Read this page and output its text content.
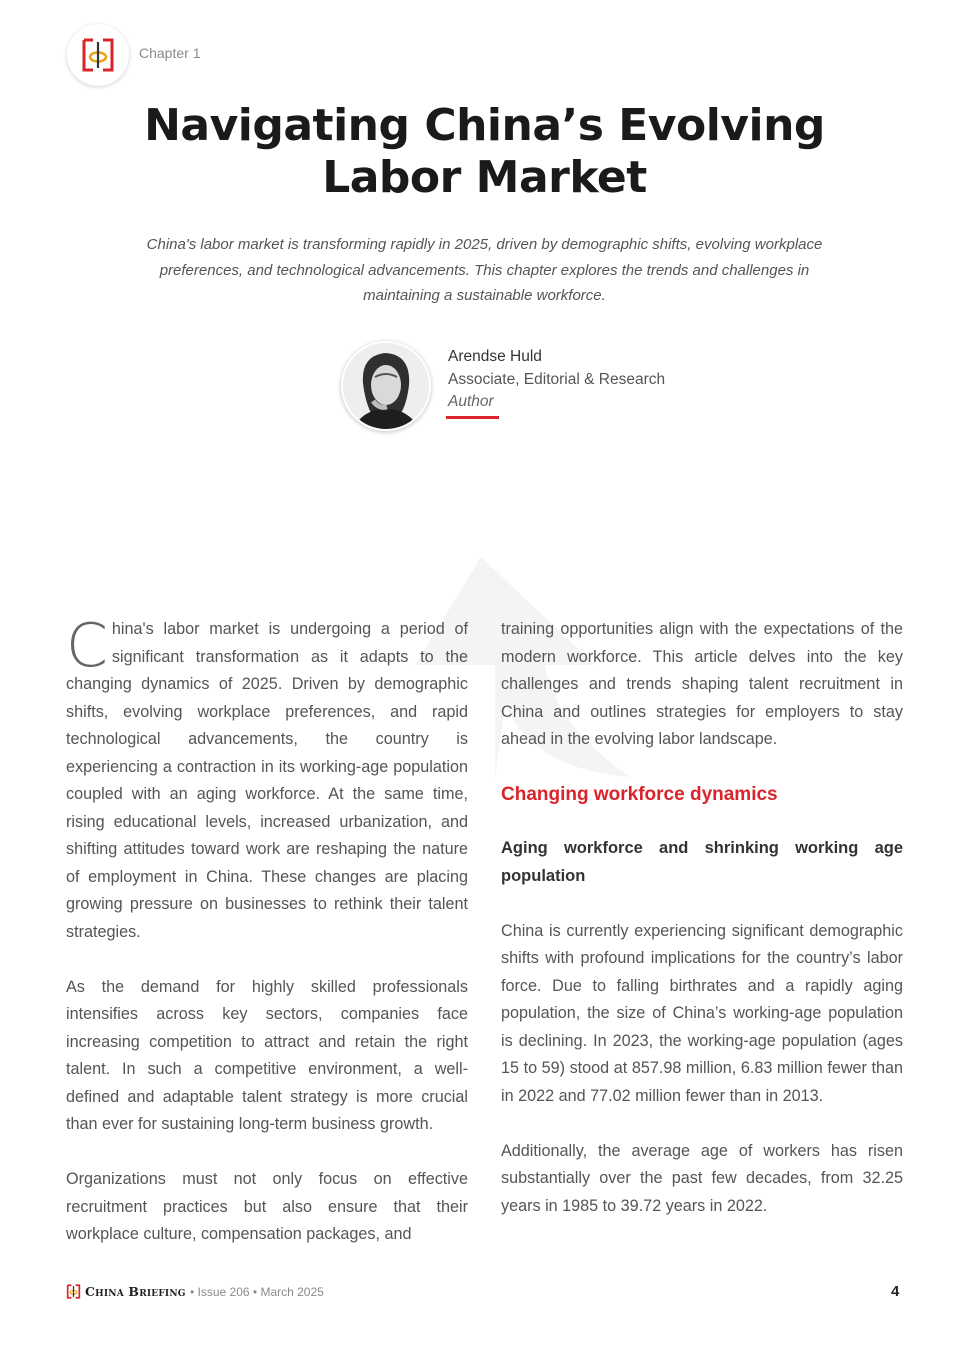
Chapter 1
Navigating China’s Evolving
Labor Market
China's labor market is transforming rapidly in 2025, driven by demographic shifts, evolving workplace preferences, and technological advancements. This chapter explores the trends and challenges in maintaining a sustainable workforce.
Arendse Huld
Associate, Editorial & Research
Author

China's labor market is undergoing a period of significant transformation as it adapts to the changing dynamics of 2025. Driven by demographic shifts, evolving workplace preferences, and rapid technological advancements, the country is experiencing a contraction in its working-age population coupled with an aging workforce. At the same time, rising educational levels, increased urbanization, and shifting attitudes toward work are reshaping the nature of employment in China. These changes are placing growing pressure on businesses to rethink their talent strategies.

As the demand for highly skilled professionals intensifies across key sectors, companies face increasing competition to attract and retain the right talent. In such a competitive environment, a well-defined and adaptable talent strategy is more crucial than ever for sustaining long-term business growth.

Organizations must not only focus on effective recruitment practices but also ensure that their workplace culture, compensation packages, and

training opportunities align with the expectations of the modern workforce. This article delves into the key challenges and trends shaping talent recruitment in China and outlines strategies for employers to stay ahead in the evolving labor landscape.

Changing workforce dynamics
Aging workforce and shrinking working age population

China is currently experiencing significant demographic shifts with profound implications for the country’s labor force. Due to falling birthrates and a rapidly aging population, the size of China’s working-age population is declining. In 2023, the working-age population (ages 15 to 59) stood at 857.98 million, 6.83 million fewer than in 2022 and 77.02 million fewer than in 2013.

Additionally, the average age of workers has risen substantially over the past few decades, from 32.25 years in 1985 to 39.72 years in 2022.

China Briefing • Issue 206 • March 2025	4
